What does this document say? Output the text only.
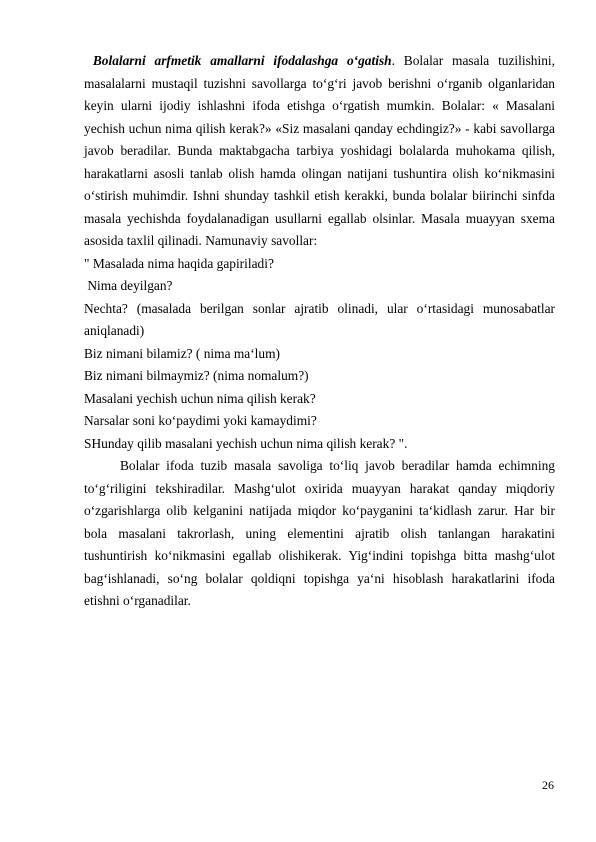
Bolalarni arfmetik amallarni ifodalashga o‘gatish. Bolalar masala tuzilishini, masalalarni mustaqil tuzishni savollarga to‘g‘ri javob berishni o‘rganib olganlaridan keyin ularni ijodiy ishlashni ifoda etishga o‘rgatish mumkin. Bolalar: « Masalani yechish uchun nima qilish kerak?» «Siz masalani qanday echdingiz?» - kabi savollarga javob beradilar. Bunda maktabgacha tarbiya yoshidagi bolalarda muhokama qilish, harakatlarni asosli tanlab olish hamda olingan natijani tushuntira olish ko‘nikmasini o‘stirish muhimdir. Ishni shunday tashkil etish kerakki, bunda bolalar biirinchi sinfda masala yechishda foydalanadigan usullarni egallab olsinlar. Masala muayyan sxema asosida taxlil qilinadi. Namunaviy savollar:

" Masalada nima haqida gapiriladi?

Nima deyilgan?

Nechta? (masalada berilgan sonlar ajratib olinadi, ular o‘rtasidagi munosabatlar aniqlanadi)

Biz nimani bilamiz? ( nima ma‘lum)

Biz nimani bilmaymiz? (nima nomalum?)

Masalani yechish uchun nima qilish kerak?

Narsalar soni ko‘paydimi yoki kamaydimi?

SHunday qilib masalani yechish uchun nima qilish kerak? ".

Bolalar ifoda tuzib masala savoliga to‘liq javob beradilar hamda echimning to‘g‘riligini tekshiradilar. Mashg‘ulot oxirida muayyan harakat qanday miqdoriy o‘zgarishlarga olib kelganini natijada miqdor ko‘payganini ta‘kidlash zarur. Har bir bola masalani takrorlash, uning elementini ajratib olish tanlangan harakatini tushuntirish ko‘nikmasini egallab olishikerak. Yig‘indini topishga bitta mashg‘ulot bag‘ishlanadi, so‘ng bolalar qoldiqni topishga ya‘ni hisoblash harakatlarini ifoda etishni o‘rganadilar.

26
